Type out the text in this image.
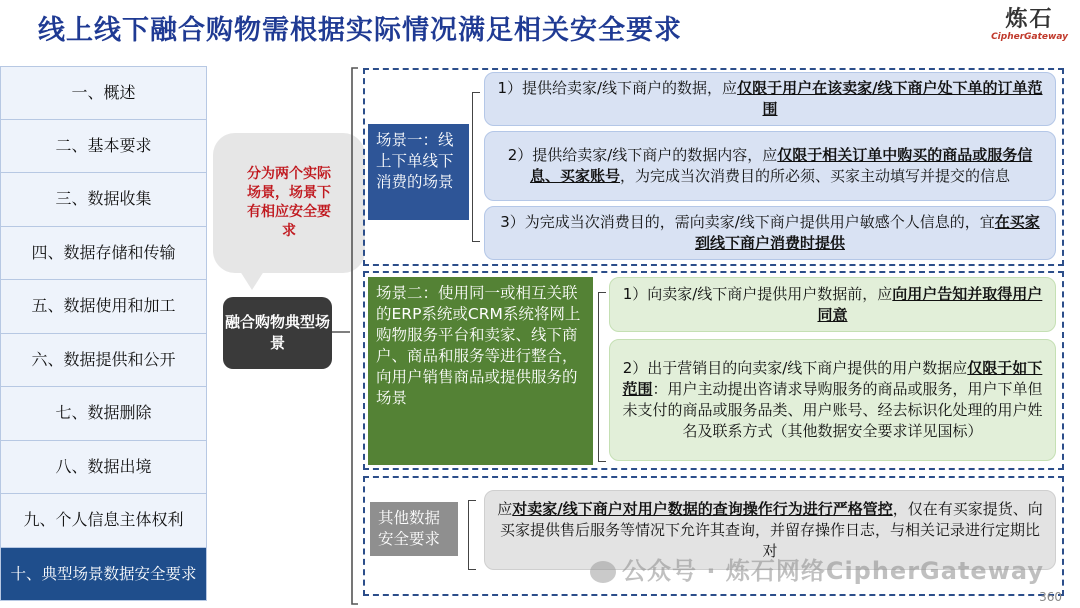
线上线下融合购物需根据实际情况满足相关安全要求	炼石
CipherGateway
一、概述
二、基本要求
三、数据收集
四、数据存储和传输
五、数据使用和加工
六、数据提供和公开
七、数据删除
八、数据出境
九、个人信息主体权利
十、典型场景数据安全要求
分为两个实际场景，场景下有相应安全要求
融合购物典型场景
场景一：线上下单线下消费的场景
1）提供给卖家/线下商户的数据，应仅限于用户在该卖家/线下商户处下单的订单范围
2）提供给卖家/线下商户的数据内容，应仅限于相关订单中购买的商品或服务信息、买家账号，为完成当次消费目的所必须、买家主动填写并提交的信息
3）为完成当次消费目的，需向卖家/线下商户提供用户敏感个人信息的，宜在买家到线下商户消费时提供
场景二：使用同一或相互关联的ERP系统或CRM系统将网上购物服务平台和卖家、线下商户、商品和服务等进行整合，向用户销售商品或提供服务的场景
1）向卖家/线下商户提供用户数据前，应向用户告知并取得用户同意
2）出于营销目的向卖家/线下商户提供的用户数据应仅限于如下范围：用户主动提出咨请求导购服务的商品或服务，用户下单但未支付的商品或服务品类、用户账号、经去标识化处理的用户姓名及联系方式（其他数据安全要求详见国标）
其他数据安全要求
应对卖家/线下商户对用户数据的查询操作行为进行严格管控，仅在有买家提货、向买家提供售后服务等情况下允许其查询，并留存操作日志，与相关记录进行定期比对
公众号 · 炼石网络CipherGateway
360
